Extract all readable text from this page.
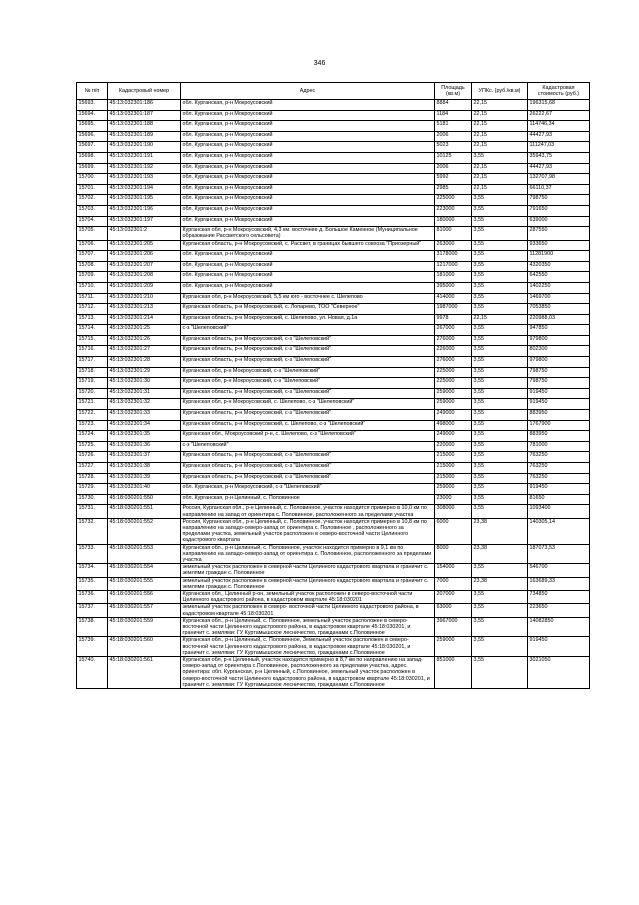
346
№ п/п	Кадастровый номер	Адрес	Площадь (кв.м)	УПКс. (руб./кв.м)	Кадастровая стоимость (руб.)
15693.	45:13:032301:186	обл. Курганская, р-н Мокроусовский	8884	22,15	196315,68
15694.	45:13:032301:187	обл. Курганская, р-н Мокроусовский	1184	22,15	26222,67
15695.	45:13:032301:188	обл. Курганская, р-н Мокроусовский	5181	22,15	114746,34
15696.	45:13:032301:189	обл. Курганская, р-н Мокроусовский	2006	22,15	44427,93
15697.	45:13:032301:190	обл. Курганская, р-н Мокроусовский	5023	22,15	111247,03
15698.	45:13:032301:191	обл. Курганская, р-н Мокроусовский	10125	3,55	35943,75
15699.	45:13:032301:192	обл. Курганская, р-н Мокроусовский	2006	22,15	44427,93
15700.	45:13:032301:193	обл. Курганская, р-н Мокроусовский	5992	22,15	132707,98
15701.	45:13:032301:194	обл. Курганская, р-н Мокроусовский	2985	22,15	66110,37
15702.	45:13:032301:195	обл. Курганская, р-н Мокроусовский	225000	3,55	798750
15703.	45:13:032301:196	обл. Курганская, р-н Мокроусовский	223000	3,55	791650
15704.	45:13:032301:197	обл. Курганская, р-н Мокроусовский	180000	3,55	639000
15705.	45:13:032301:2	Курганская обл, р-н Мокроусовский, 4,3 км. восточнее д. Большое Каменное (Муниципальное образование Рассветского сельсовета)	81000	3,55	287550
15706.	45:13:032301:205	Курганская область, р-н Мокроусовский, с. Рассвет, в границах бывшего совхоза "Приозерный"	263000	3,55	933650
15707.	45:13:032301:206	обл. Курганская, р-н Мокроусовский	3178000	3,55	11281900
15708.	45:13:032301:207	обл. Курганская, р-н Мокроусовский	1217000	3,55	4320350
15709.	45:13:032301:208	обл. Курганская, р-н Мокроусовский	181000	3,55	642550
15710.	45:13:032301:209	обл. Курганская, р-н Мокроусовский	395000	3,55	1402250
15711.	45:13:032301:210	Курганская обл, р-н Мокроусовский, 5,5 км юго - восточнее с. Шелепово	414000	3,55	1469700
15712.	45:13:032301:213	Курганская область, р-н Мокроусовский, с. Лопарево, ТОО "Северное"	1987000	3,55	7053850
15713.	45:13:032301:214	Курганская область, р-н Мокроусовский, с. Шелепово, ул. Новая, д.1а	9978	22,15	220988,03
15714.	45:13:032301:25	с-з "Шелеповский"	267000	3,55	947850
15715.	45:13:032301:26	Курганская область, р-н Мокроусовский, с-з "Шелеповский"	276000	3,55	979800
15716.	45:13:032301:27	Курганская область, р-н Мокроусовский, с-з "Шелеповский"	226000	3,55	802300
15717.	45:13:032301:28	Курганская область, р-н Мокроусовский, с-з "Шелеповский"	276000	3,55	979800
15718.	45:13:032301:29	Курганская обл, р-н Мокроусовский, с-з "Шелеповский"	225000	3,55	798750
15719.	45:13:032301:30	Курганская обл, р-н Мокроусовский, с-з "Шелеповский"	225000	3,55	798750
15720.	45:13:032301:31	Курганская область, р-н Мокроусовский, с-з "Шелеповский"	259000	3,55	919450
15721.	45:13:032301:32	Курганская обл, р-н Мокроусовский, с. Шелепово, с-з "Шелеповский"	259000	3,55	919450
15722.	45:13:032301:33	Курганская область, р-н Мокроусовский, с-з "Шелеповский"	249000	3,55	883950
15723.	45:13:032301:34	Курганская область, р-н Мокроусовский, с. Шелепово, с-з "Шелеповский"	498000	3,55	1767900
15724.	45:13:032301:35	Курганская обл., Мокроусовский р-н, с. Шелепово, с-з "Шелеповский"	249000	3,55	883950
15725.	45:13:032301:36	с-з "Шелеповский"	220000	3,55	781000
15726.	45:13:032301:37	Курганская область, р-н Мокроусовский, с-з "Шелеповский"	215000	3,55	763250
15727.	45:13:032301:38	Курганская область, р-н Мокроусовский, с-з "Шелеповский"	215000	3,55	763250
15728.	45:13:032301:39	Курганская область, р-н Мокроусовский, с-з "Шелеповский"	215000	3,55	763250
15729.	45:13:032301:40	обл. Курганская, р-н Мокроусовский, с-з "Шелеповский"	259000	3,55	919450
15730.	45:18:030201:550	обл. Курганская, р-н Целинный, с. Половинное	23000	3,55	81650
15731.	45:18:030201:551	Россия, Курганская обл., р-н Целинный, с. Половинное, участок находится примерно в 10,0 км по направлению на запад от ориентира с. Половинное, расположенного за пределами участка	308000	3,55	1093400
15732.	45:18:030201:552	Россия, Курганская обл., р-н Целинный, с. Половинное, участок находится примерно в 10,8 км по направлению на западо-северо-запад от ориентира с. Половинное , расположенного за пределами участка, земельный участок расположен в северо-восточной части Целинного кадастрового квартала	6000	23,38	140305,14
15733.	45:18:030201:553	Курганская обл., р-н Целинный, с. Половинное, участок находится примерно в 9,1 км по направлению на западо-северо-запад от ориентира с. Половинное, расположенного за пределами участка	8000	23,38	187073,53
15734.	45:18:030201:554	земельный участок расположен в северной части Целинного кадастрового квартала и граничит с. землями граждан с. Половинное	154000	3,55	546700
15735.	45:18:030201:555	земельный участок расположен в северной части Целинного кадастрового квартала и граничит с. землями граждан с. Половинное	7000	23,38	163689,33
15736.	45:18:030201:556	Курганская обл., Целинный р-он, земельный участок расположен в северо-восточной части Целинного кадастрового района, в кадастровом квартале 45:18:030201	207000	3,55	734850
15737.	45:18:030201:557	земельный участок расположен в северо- восточной части Целинного кадастрового района, в кадастровом квартале 45:18:030201	63000	3,55	223650
15738.	45:18:030201:559	Курганская обл., р-н Целинный, с. Половинное, земельный участок расположен в северо-восточной части Целинного кадастрового района, в кадастровом квартале 45:18:030201, и граничит с. землями: ГУ Куртамышское лесничество, гражданами с.Половинное	3967000	3,55	14082850
15739.	45:18:030201:560	Курганская обл., р-н Целинный, с. Половинное, Земельный участок расположен в северо-восточной части Целинного кадастрового района, в кадастровом квартале 45:18:030201, и граничит с. землями: ГУ Куртамышское лесничество, гражданами с.Половинное	259000	3,55	919450
15740.	45:18:030201:561	Курганская обл, р-н Целинный, участок находится примерно в 8,7 км по направлению на запад-северо-запад от ориентира с.Половинное, расположенного за пределами участка, адрес. ориентира: обл. Курганская, р-н Целинный, с.Половинное, земельный участок расположен в северо-восточной части Целинного кадастрового района, в кадастровом квартале 45:18:030201, и граничит с. землями: ГУ Куртамышское лесничество, гражданами с.Половинное	851000	3,55	3021050
